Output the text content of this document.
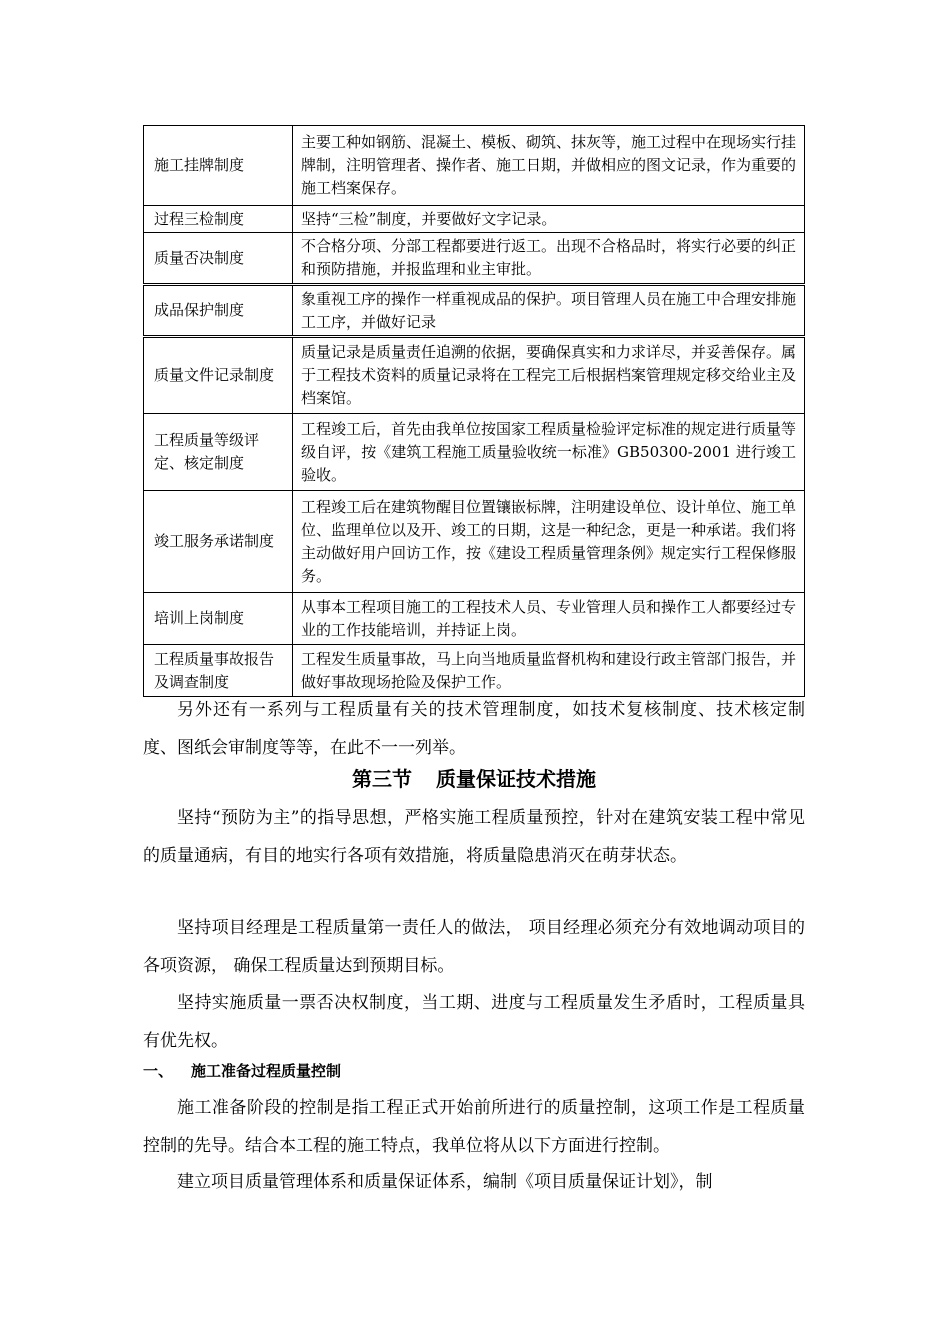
施工挂牌制度	主要工种如钢筋、混凝土、模板、砌筑、抹灰等，施工过程中在现场实行挂牌制，注明管理者、操作者、施工日期，并做相应的图文记录，作为重要的施工档案保存。
过程三检制度	坚持“三检”制度，并要做好文字记录。
质量否决制度	不合格分项、分部工程都要进行返工。出现不合格品时，将实行必要的纠正和预防措施，并报监理和业主审批。
成品保护制度	象重视工序的操作一样重视成品的保护。项目管理人员在施工中合理安排施工工序，并做好记录
质量文件记录制度	质量记录是质量责任追溯的依据，要确保真实和力求详尽，并妥善保存。属于工程技术资料的质量记录将在工程完工后根据档案管理规定移交给业主及档案馆。
工程质量等级评定、核定制度	工程竣工后，首先由我单位按国家工程质量检验评定标准的规定进行质量等级自评，按《建筑工程施工质量验收统一标准》GB50300-2001 进行竣工验收。
竣工服务承诺制度	工程竣工后在建筑物醒目位置镶嵌标牌，注明建设单位、设计单位、施工单位、监理单位以及开、竣工的日期，这是一种纪念，更是一种承诺。我们将主动做好用户回访工作，按《建设工程质量管理条例》规定实行工程保修服务。
培训上岗制度	从事本工程项目施工的工程技术人员、专业管理人员和操作工人都要经过专业的工作技能培训，并持证上岗。
工程质量事故报告及调查制度	工程发生质量事故，马上向当地质量监督机构和建设行政主管部门报告，并做好事故现场抢险及保护工作。

另外还有一系列与工程质量有关的技术管理制度，如技术复核制度、技术核定制度、图纸会审制度等等，在此不一一列举。

第三节 质量保证技术措施

坚持“预防为主”的指导思想，严格实施工程质量预控，针对在建筑安装工程中常见的质量通病，有目的地实行各项有效措施，将质量隐患消灭在萌芽状态。

坚持项目经理是工程质量第一责任人的做法， 项目经理必须充分有效地调动项目的各项资源， 确保工程质量达到预期目标。

坚持实施质量一票否决权制度，当工期、进度与工程质量发生矛盾时，工程质量具有优先权。

一、 施工准备过程质量控制

施工准备阶段的控制是指工程正式开始前所进行的质量控制，这项工作是工程质量控制的先导。结合本工程的施工特点，我单位将从以下方面进行控制。

建立项目质量管理体系和质量保证体系，编制《项目质量保证计划》，制
